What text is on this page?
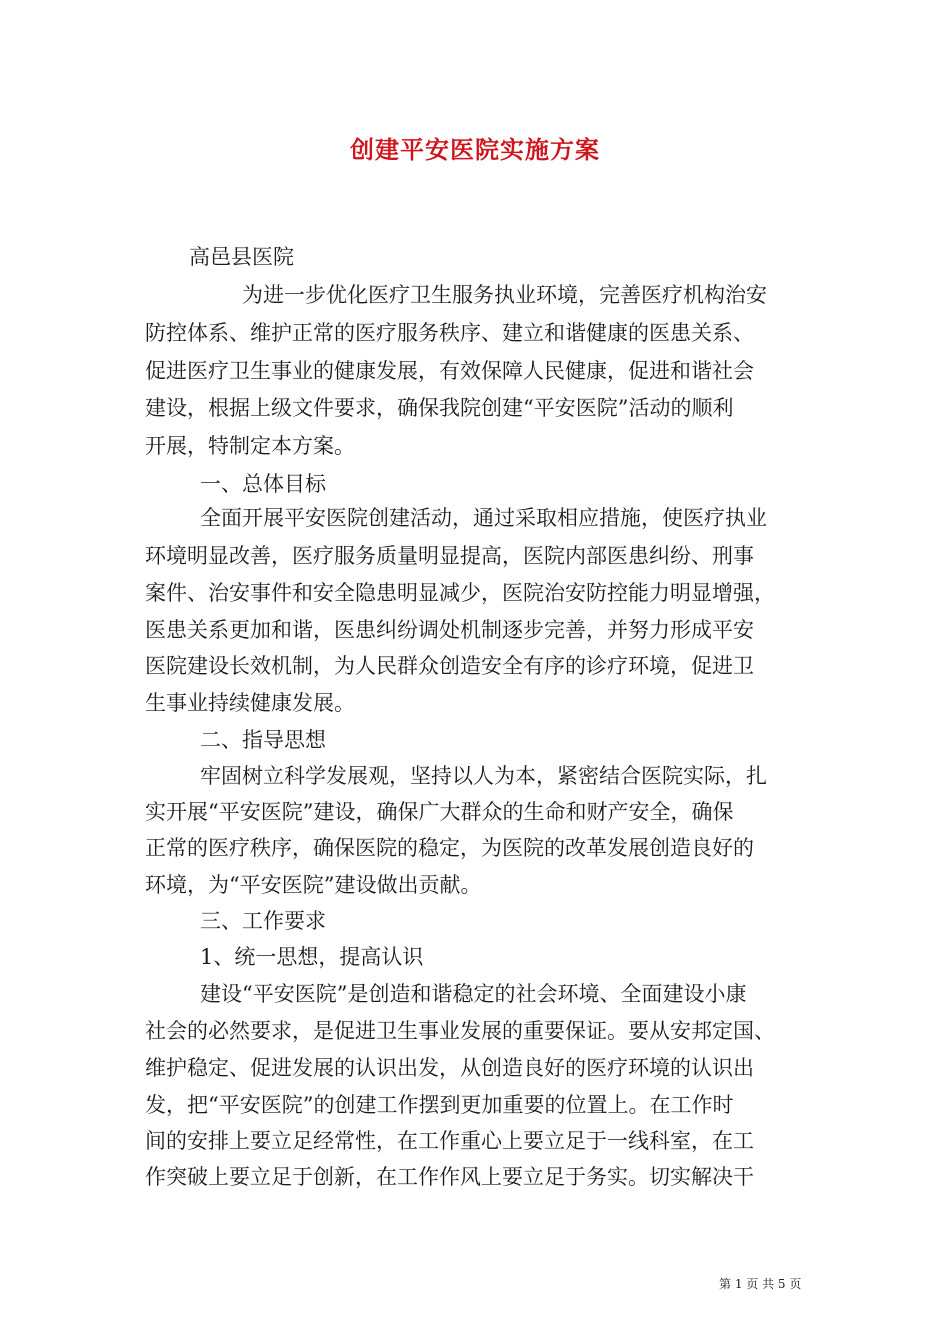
创建平安医院实施方案
高邑县医院
为进一步优化医疗卫生服务执业环境，完善医疗机构治安
防控体系、维护正常的医疗服务秩序、建立和谐健康的医患关系、
促进医疗卫生事业的健康发展，有效保障人民健康，促进和谐社会
建设，根据上级文件要求，确保我院创建“平安医院”活动的顺利
开展，特制定本方案。
一、总体目标
全面开展平安医院创建活动，通过采取相应措施，使医疗执业
环境明显改善，医疗服务质量明显提高，医院内部医患纠纷、刑事
案件、治安事件和安全隐患明显减少，医院治安防控能力明显增强，
医患关系更加和谐，医患纠纷调处机制逐步完善，并努力形成平安
医院建设长效机制，为人民群众创造安全有序的诊疗环境，促进卫
生事业持续健康发展。
二、指导思想
牢固树立科学发展观，坚持以人为本，紧密结合医院实际，扎
实开展“平安医院”建设，确保广大群众的生命和财产安全，确保
正常的医疗秩序，确保医院的稳定，为医院的改革发展创造良好的
环境，为“平安医院”建设做出贡献。
三、工作要求
1、统一思想，提高认识
建设“平安医院”是创造和谐稳定的社会环境、全面建设小康
社会的必然要求，是促进卫生事业发展的重要保证。要从安邦定国、
维护稳定、促进发展的认识出发，从创造良好的医疗环境的认识出
发，把“平安医院”的创建工作摆到更加重要的位置上。在工作时
间的安排上要立足经常性，在工作重心上要立足于一线科室，在工
作突破上要立足于创新，在工作作风上要立足于务实。切实解决干
第 1 页 共 5 页
